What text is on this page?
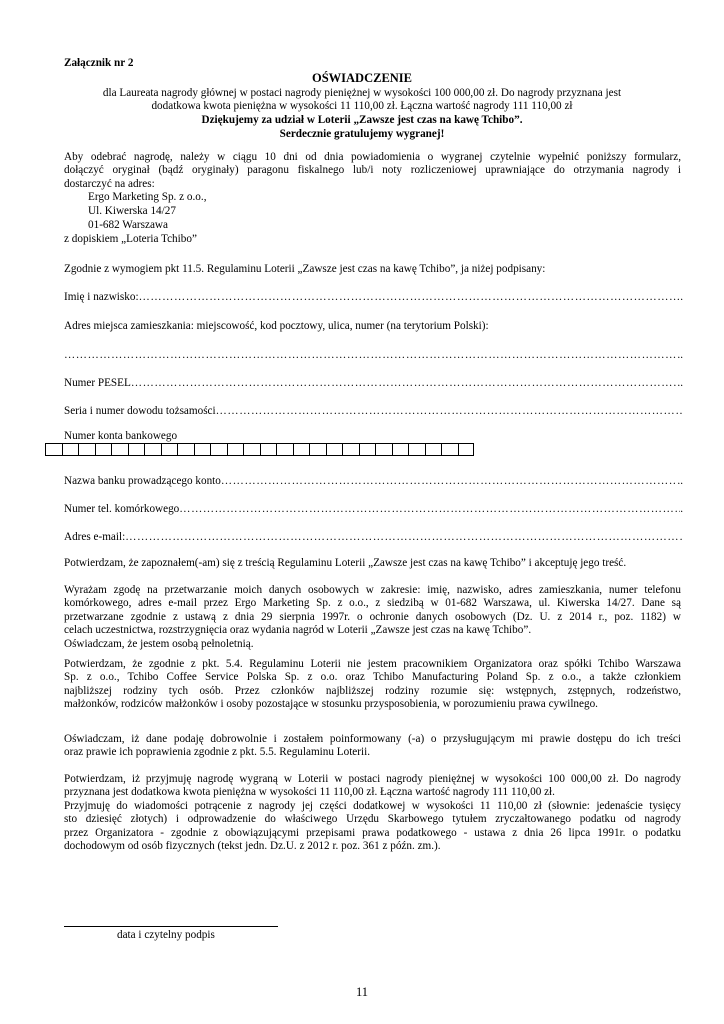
Załącznik nr 2
OŚWIADCZENIE
dla Laureata nagrody głównej w postaci nagrody pieniężnej w wysokości 100 000,00 zł. Do nagrody przyznana jest
dodatkowa kwota pieniężna w wysokości 11 110,00 zł. Łączna wartość nagrody 111 110,00 zł
Dziękujemy za udział w Loterii „Zawsze jest czas na kawę Tchibo”.
Serdecznie gratulujemy wygranej!
Aby odebrać nagrodę, należy w ciągu 10 dni od dnia powiadomienia o wygranej czytelnie wypełnić poniższy formularz,
dołączyć oryginał (bądź oryginały) paragonu fiskalnego lub/i noty rozliczeniowej uprawniające do otrzymania nagrody i
dostarczyć na adres:
Ergo Marketing Sp. z o.o.,
Ul. Kiwerska 14/27
01-682 Warszawa
z dopiskiem „Loteria Tchibo”
Zgodnie z wymogiem pkt 11.5. Regulaminu Loterii „Zawsze jest czas na kawę Tchibo”, ja niżej podpisany:
Imię i nazwisko: ……………………………………………………………………………………………………………………………………………………………………………	.
Adres miejsca zamieszkania: miejscowość, kod pocztowy, ulica, numer (na terytorium Polski):
……………………………………………………………………………………………………………………………………………………………………………
..
Numer PESEL ……………………………………………………………………………………………………………………………………………………………………………	..
Seria i numer dowodu tożsamości
……………………………………………………………………………………………………………………………………………………………………………
Numer konta bankowego
Nazwa banku prowadzącego konto ……………………………………………………………………………………………………………………………………………………………………………	..
Numer tel. komórkowego ……………………………………………………………………………………………………………………………………………………………………………	.
Adres e-mail:
……………………………………………………………………………………………………………………………………………………………………………
Potwierdzam, że zapoznałem(-am) się z treścią Regulaminu Loterii „Zawsze jest czas na kawę Tchibo” i akceptuję jego treść.
Wyrażam zgodę na przetwarzanie moich danych osobowych w zakresie: imię, nazwisko, adres zamieszkania, numer telefonu
komórkowego, adres e-mail przez Ergo Marketing Sp. z o.o., z siedzibą w 01-682 Warszawa, ul. Kiwerska 14/27. Dane są
przetwarzane zgodnie z ustawą z dnia 29 sierpnia 1997r. o ochronie danych osobowych (Dz. U. z 2014 r., poz. 1182) w
celach uczestnictwa, rozstrzygnięcia oraz wydania nagród w Loterii „Zawsze jest czas na kawę Tchibo”.
Oświadczam, że jestem osobą pełnoletnią.
Potwierdzam, że zgodnie z pkt. 5.4. Regulaminu Loterii nie jestem pracownikiem Organizatora oraz spółki Tchibo Warszawa
Sp. z o.o., Tchibo Coffee Service Polska Sp. z o.o. oraz Tchibo Manufacturing Poland Sp. z o.o., a także członkiem
najbliższej rodziny tych osób. Przez członków najbliższej rodziny rozumie się: wstępnych, zstępnych, rodzeństwo,
małżonków, rodziców małżonków i osoby pozostające w stosunku przysposobienia, w porozumieniu prawa cywilnego.
Oświadczam, iż dane podaję dobrowolnie i zostałem poinformowany (-a) o przysługującym mi prawie dostępu do ich treści
oraz prawie ich poprawienia zgodnie z pkt. 5.5. Regulaminu Loterii.
Potwierdzam, iż przyjmuję nagrodę wygraną w Loterii w postaci nagrody pieniężnej w wysokości 100 000,00 zł. Do nagrody
przyznana jest dodatkowa kwota pieniężna w wysokości 11 110,00 zł. Łączna wartość nagrody 111 110,00 zł.
Przyjmuję do wiadomości potrącenie z nagrody jej części dodatkowej w wysokości 11 110,00 zł (słownie: jedenaście tysięcy
sto dziesięć złotych) i odprowadzenie do właściwego Urzędu Skarbowego tytułem zryczałtowanego podatku od nagrody
przez Organizatora - zgodnie z obowiązującymi przepisami prawa podatkowego - ustawa z dnia 26 lipca 1991r. o podatku
dochodowym od osób fizycznych (tekst jedn. Dz.U. z 2012 r. poz. 361 z późn. zm.).
data i czytelny podpis
11
